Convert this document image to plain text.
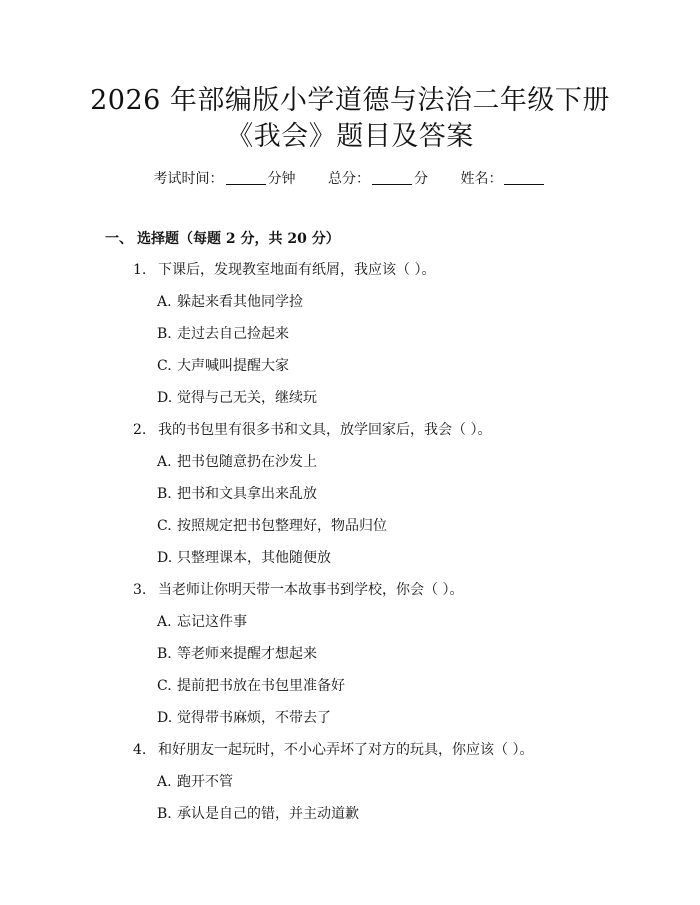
2026 年部编版小学道德与法治二年级下册
《我会》题目及答案
考试时间：	分钟 总分：	分 姓名：
一、 选择题（每题 2 分，共 20 分）
1. 下课后，发现教室地面有纸屑，我应该（ ）。
A. 躲起来看其他同学捡
B. 走过去自己捡起来
C. 大声喊叫提醒大家
D. 觉得与己无关，继续玩
2. 我的书包里有很多书和文具，放学回家后，我会（ ）。
A. 把书包随意扔在沙发上
B. 把书和文具拿出来乱放
C. 按照规定把书包整理好，物品归位
D. 只整理课本，其他随便放
3. 当老师让你明天带一本故事书到学校，你会（ ）。
A. 忘记这件事
B. 等老师来提醒才想起来
C. 提前把书放在书包里准备好
D. 觉得带书麻烦，不带去了
4. 和好朋友一起玩时，不小心弄坏了对方的玩具，你应该（ ）。
A. 跑开不管
B. 承认是自己的错，并主动道歉
